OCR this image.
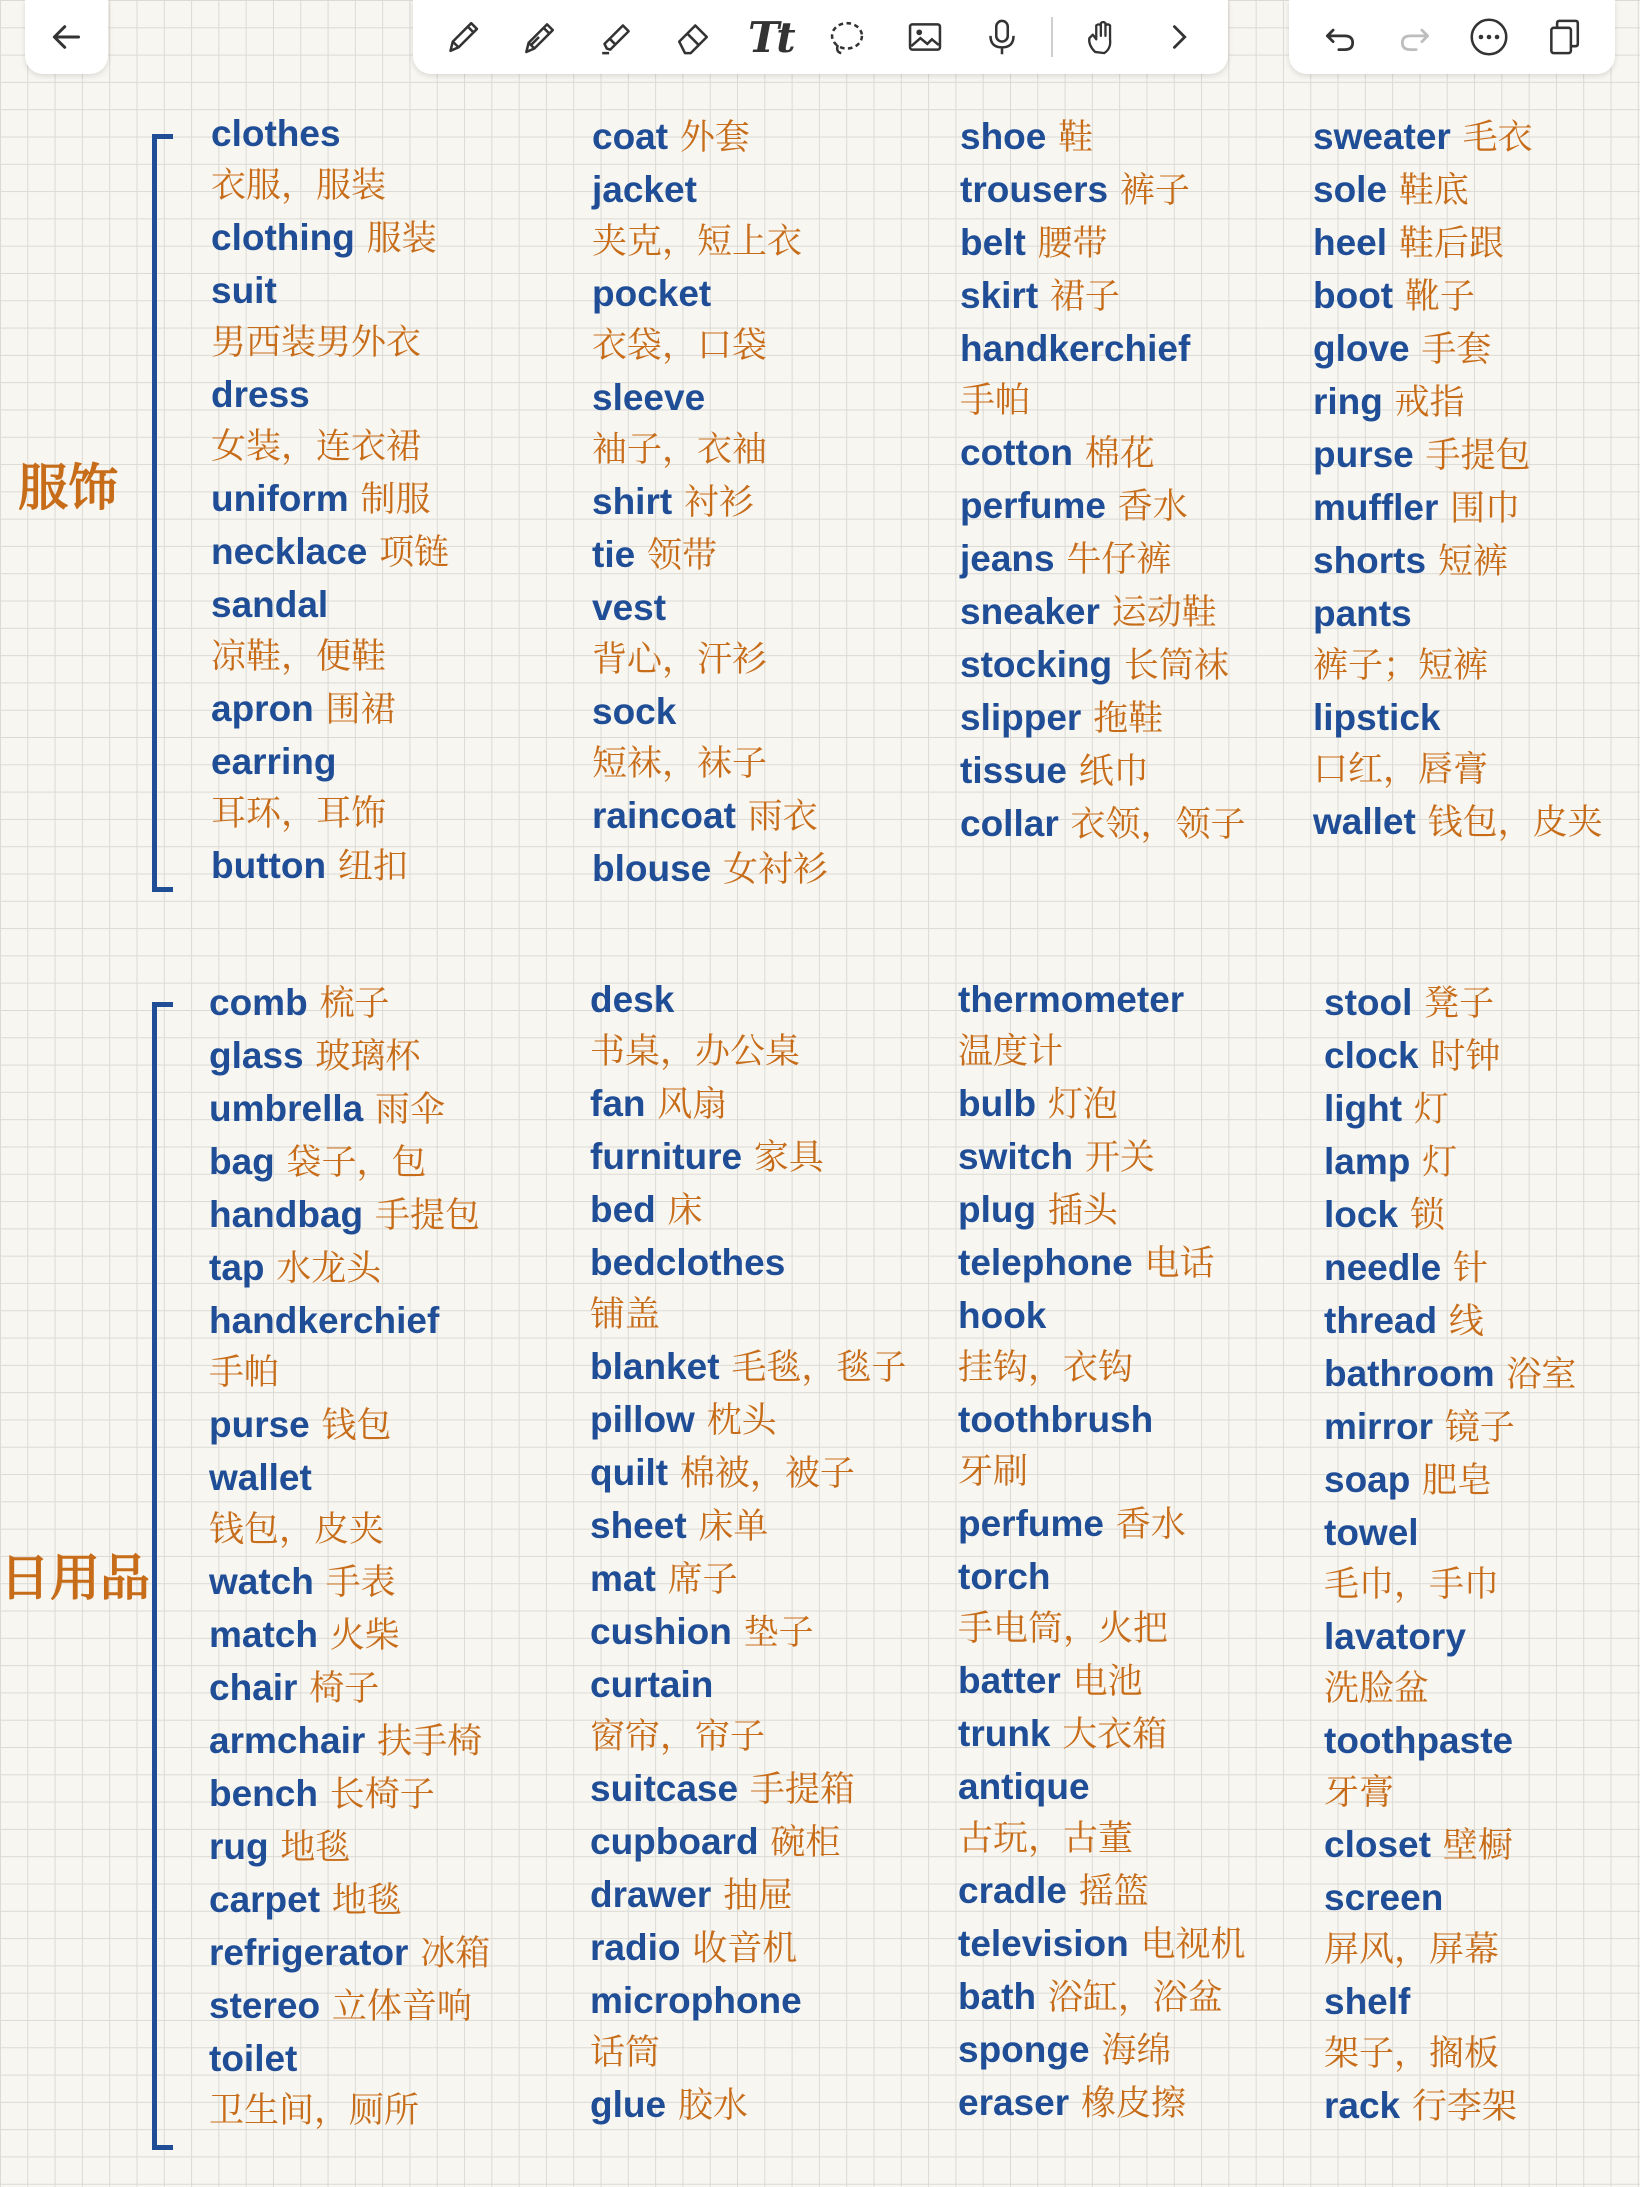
Tt
服饰
clothes
衣服，服装
clothing 服装
suit
男西装男外衣
dress
女装，连衣裙
uniform 制服
necklace 项链
sandal
凉鞋，便鞋
apron 围裙
earring
耳环，耳饰
button 纽扣
coat 外套
jacket
夹克，短上衣
pocket
衣袋，口袋
sleeve
袖子，衣袖
shirt 衬衫
tie 领带
vest
背心，汗衫
sock
短袜，袜子
raincoat 雨衣
blouse 女衬衫
shoe 鞋
trousers 裤子
belt 腰带
skirt 裙子
handkerchief
手帕
cotton 棉花
perfume 香水
jeans 牛仔裤
sneaker 运动鞋
stocking 长筒袜
slipper 拖鞋
tissue 纸巾
collar 衣领，领子
sweater 毛衣
sole 鞋底
heel 鞋后跟
boot 靴子
glove 手套
ring 戒指
purse 手提包
muffler 围巾
shorts 短裤
pants
裤子；短裤
lipstick
口红，唇膏
wallet 钱包，皮夹
日用品
comb 梳子
glass 玻璃杯
umbrella 雨伞
bag 袋子，包
handbag 手提包
tap 水龙头
handkerchief
手帕
purse 钱包
wallet
钱包，皮夹
watch 手表
match 火柴
chair 椅子
armchair 扶手椅
bench 长椅子
rug 地毯
carpet 地毯
refrigerator 冰箱
stereo 立体音响
toilet
卫生间，厕所
desk
书桌，办公桌
fan 风扇
furniture 家具
bed 床
bedclothes
铺盖
blanket 毛毯，毯子
pillow 枕头
quilt 棉被，被子
sheet 床单
mat 席子
cushion 垫子
curtain
窗帘，帘子
suitcase 手提箱
cupboard 碗柜
drawer 抽屉
radio 收音机
microphone
话筒
glue 胶水
thermometer
温度计
bulb 灯泡
switch 开关
plug 插头
telephone 电话
hook
挂钩，衣钩
toothbrush
牙刷
perfume 香水
torch
手电筒，火把
batter 电池
trunk 大衣箱
antique
古玩，古董
cradle 摇篮
television 电视机
bath 浴缸，浴盆
sponge 海绵
eraser 橡皮擦
stool 凳子
clock 时钟
light 灯
lamp 灯
lock 锁
needle 针
thread 线
bathroom 浴室
mirror 镜子
soap 肥皂
towel
毛巾，手巾
lavatory
洗脸盆
toothpaste
牙膏
closet 壁橱
screen
屏风，屏幕
shelf
架子，搁板
rack 行李架
